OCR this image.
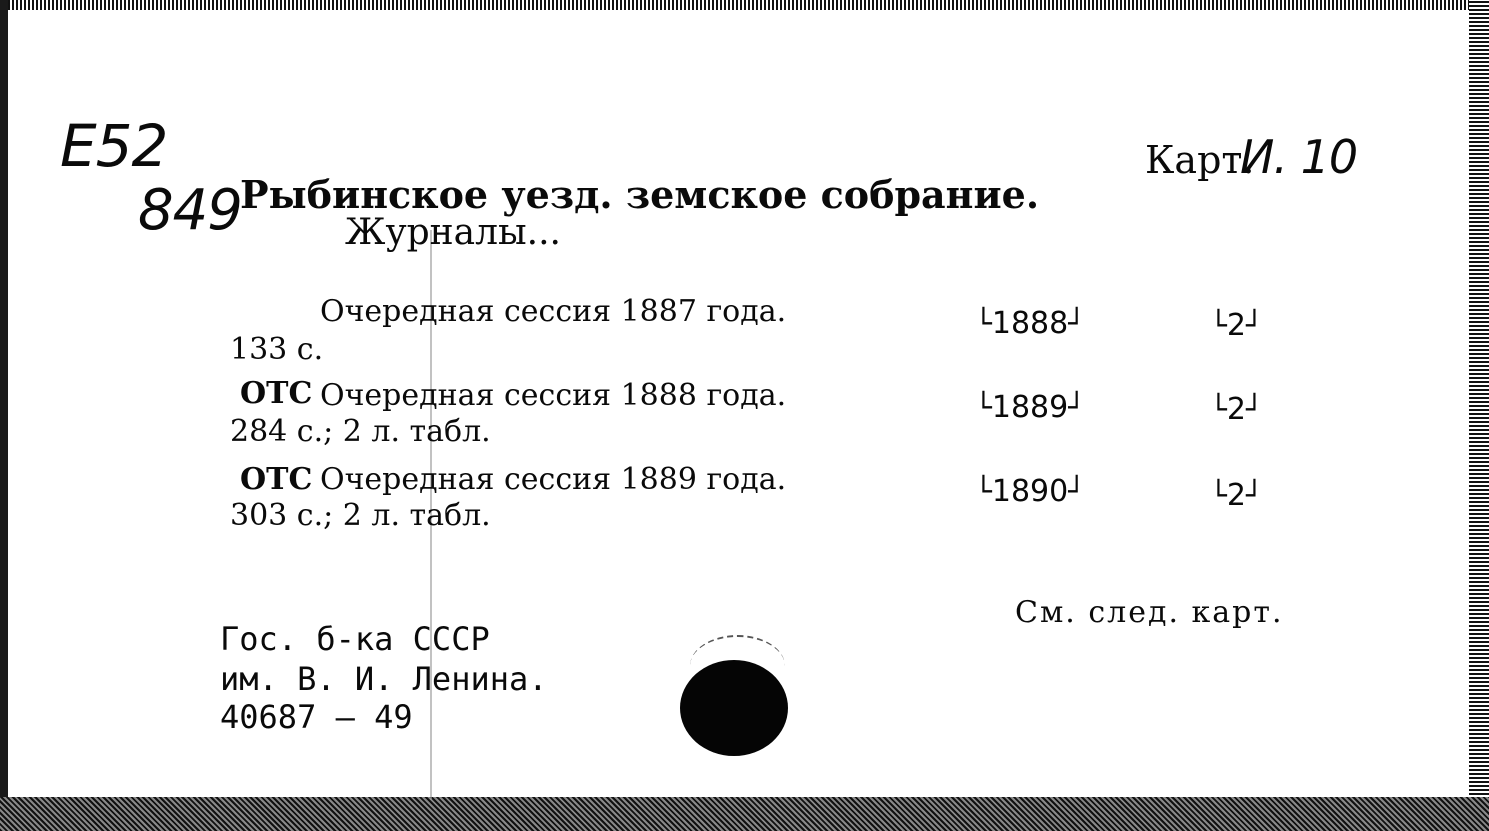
E52
849
Карт.
И. 10
Рыбинское уезд. земское собрание.
Журналы...
Очередная сессия 1887 года.	└ 1888 ┘	└ 2 ┘
133 с.
ОТС Очередная сессия 1888 года.	└ 1889 ┘	└ 2 ┘
284 с.; 2 л. табл.
ОТС Очередная сессия 1889 года.	└ 1890 ┘	└ 2 ┘
303 с.; 2 л. табл.
См. след. карт.
Гос. б-ка СССР
им. В. И. Ленина.
40687 — 49
